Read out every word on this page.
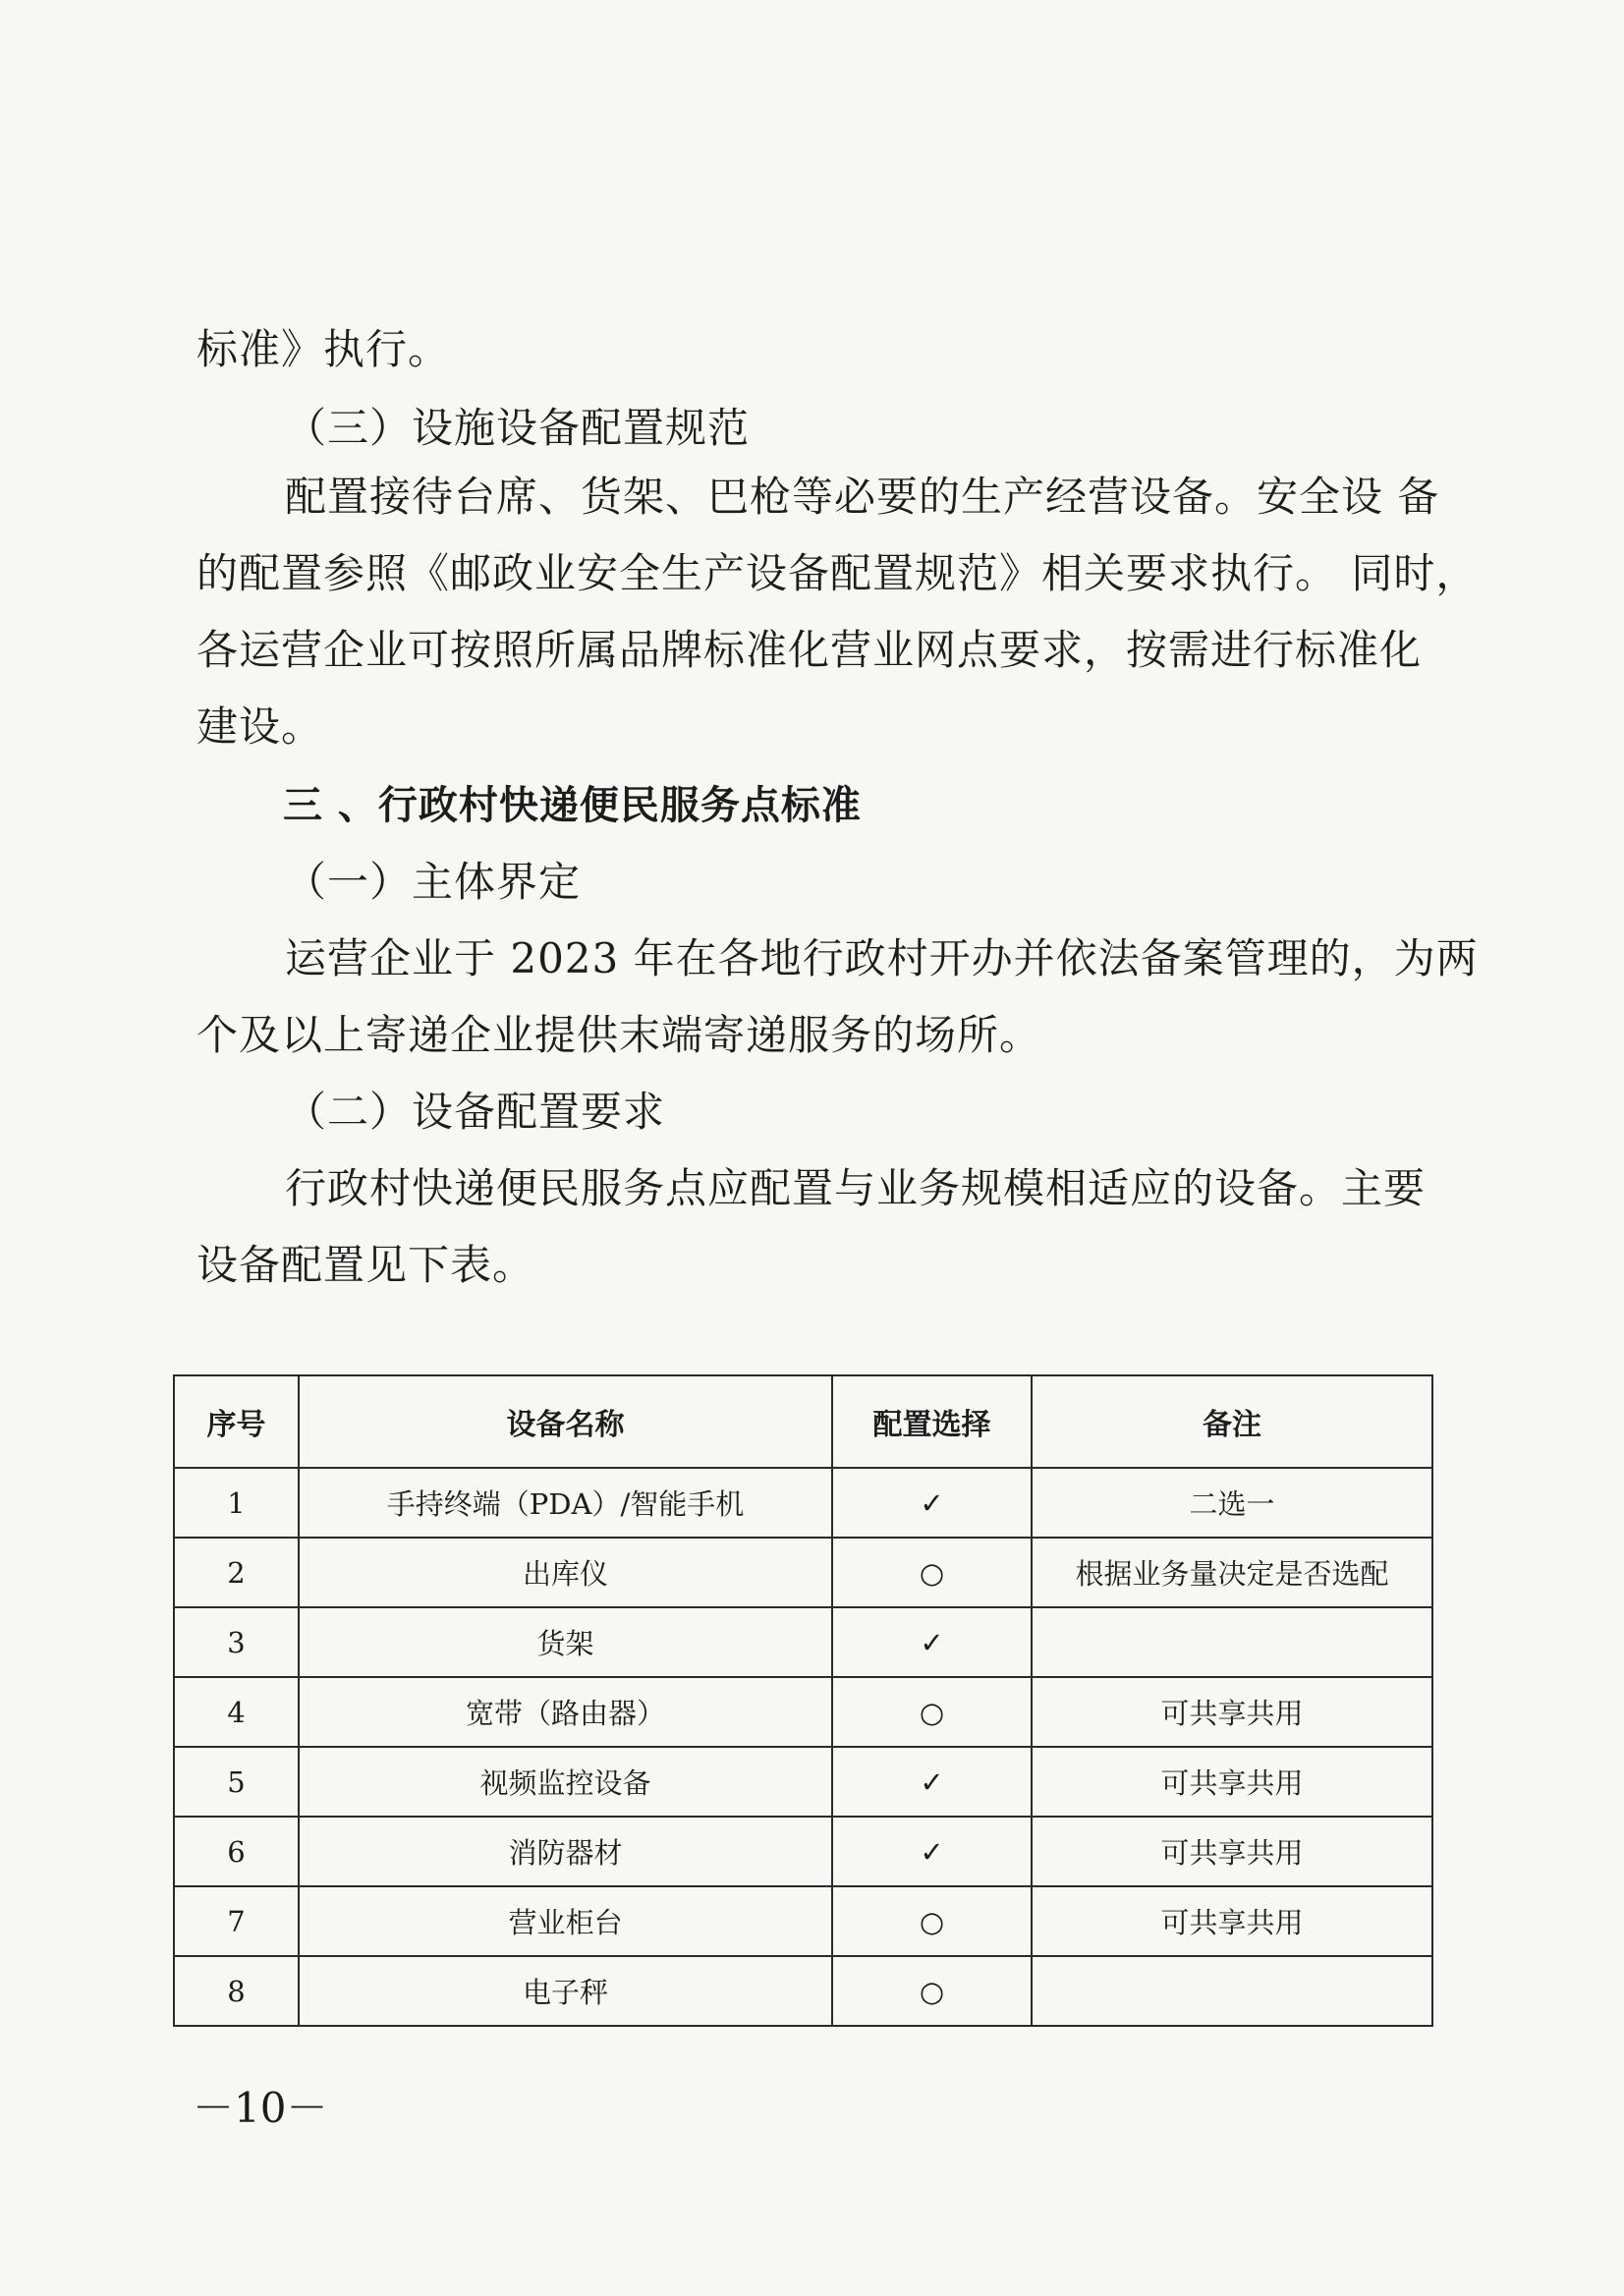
标准》执行。
（三）设施设备配置规范
配置接待台席、货架、巴枪等必要的生产经营设备。安全设 备
的配置参照《邮政业安全生产设备配置规范》相关要求执行。 同时，
各运营企业可按照所属品牌标准化营业网点要求，按需进行标准化
建设。
三 、行政村快递便民服务点标准
（一）主体界定
运营企业于 2023 年在各地行政村开办并依法备案管理的，为两
个及以上寄递企业提供末端寄递服务的场所。
（二）设备配置要求
行政村快递便民服务点应配置与业务规模相适应的设备。主要
设备配置见下表。
序号	设备名称	配置选择	备注
1	手持终端（PDA）/智能手机	✓	二选一
2	出库仪	○	根据业务量决定是否选配
3	货架	✓	
4	宽带（路由器）	○	可共享共用
5	视频监控设备	✓	可共享共用
6	消防器材	✓	可共享共用
7	营业柜台	○	可共享共用
8	电子秤	○	
－10－
